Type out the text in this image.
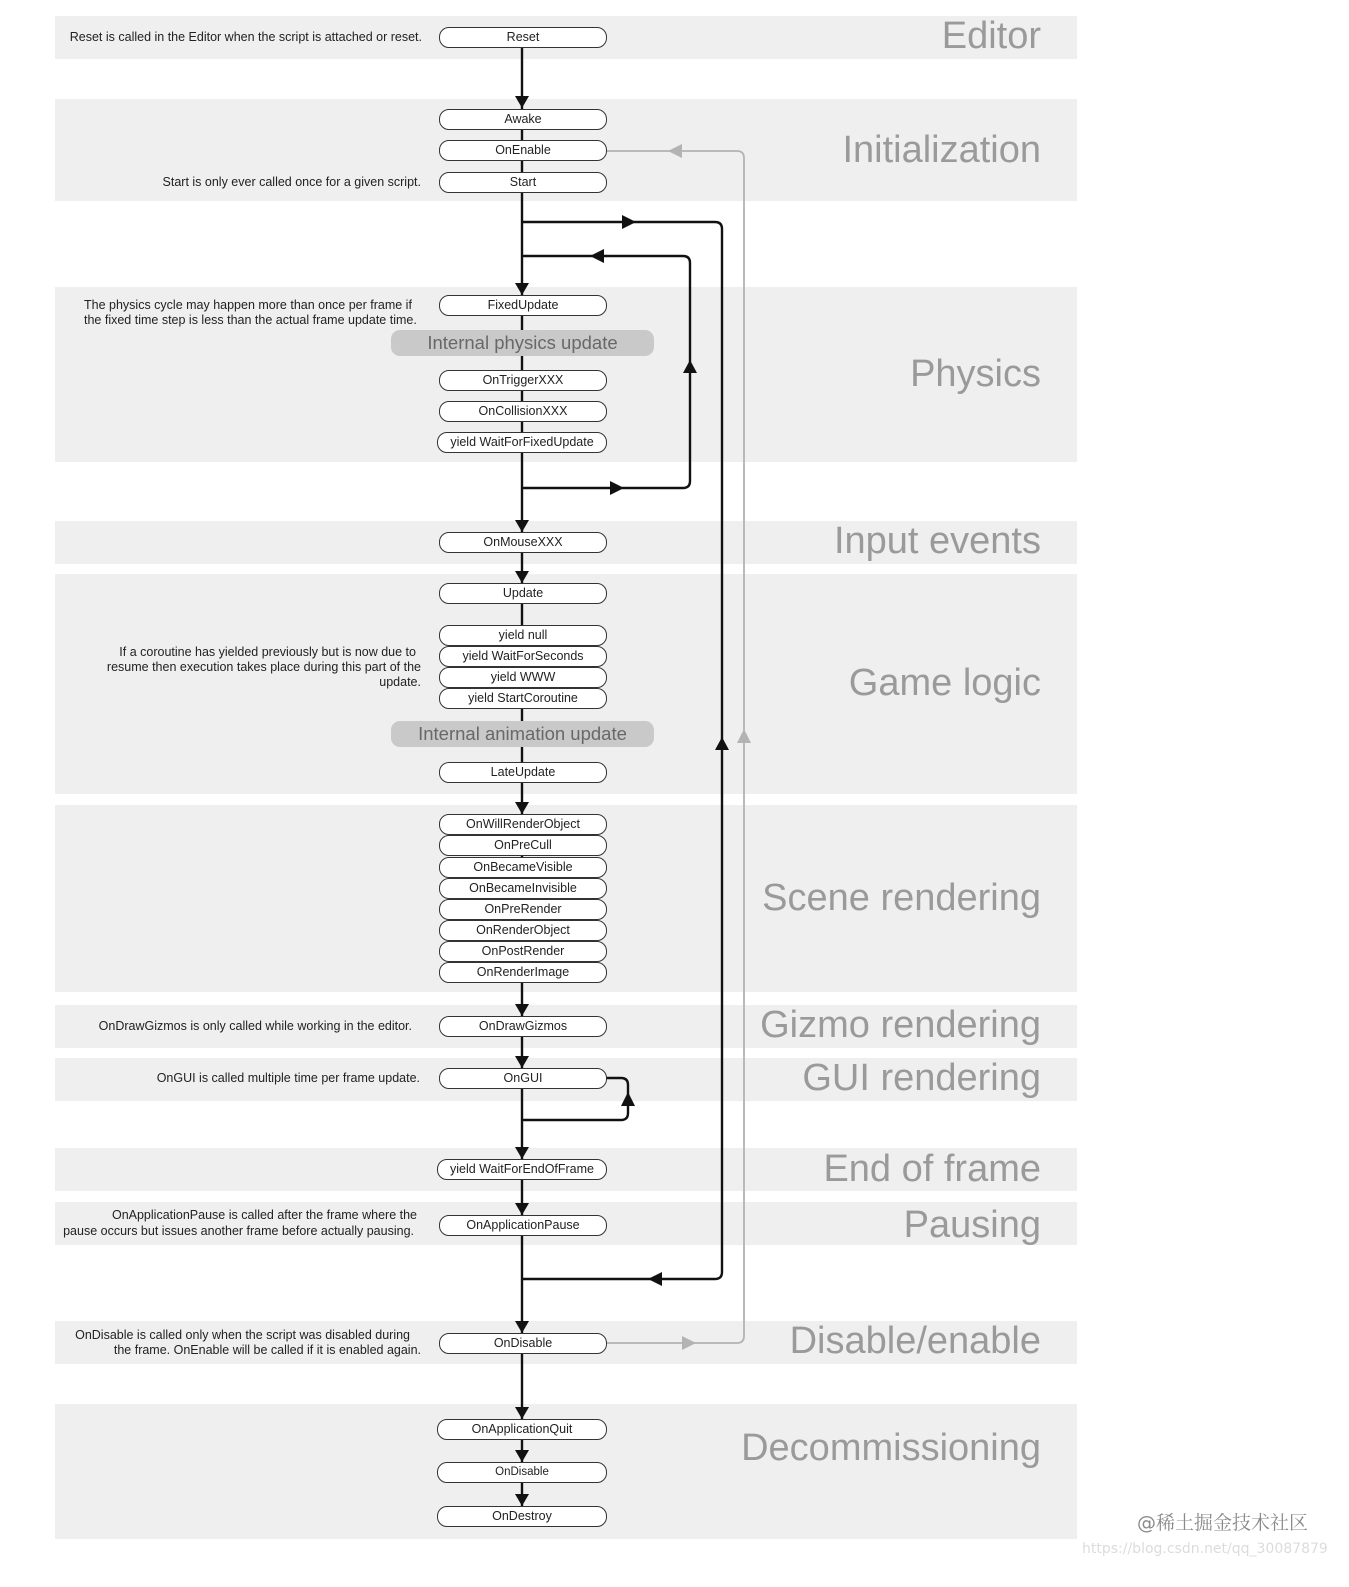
Editor
Initialization
Physics
Input events
Game logic
Scene rendering
Gizmo rendering
GUI rendering
End of frame
Pausing
Disable/enable
Decommissioning
Internal physics update
Internal animation update
Reset
Awake
OnEnable
Start
FixedUpdate
OnTriggerXXX
OnCollisionXXX
yield WaitForFixedUpdate
OnMouseXXX
Update
yield null
yield WaitForSeconds
yield WWW
yield StartCoroutine
LateUpdate
OnWillRenderObject
OnPreCull
OnBecameVisible
OnBecameInvisible
OnPreRender
OnRenderObject
OnPostRender
OnRenderImage
OnDrawGizmos
OnGUI
yield WaitForEndOfFrame
OnApplicationPause
OnDisable
OnApplicationQuit
OnDisable
OnDestroy
Reset is called in the Editor when the script is attached or reset.
Start is only ever called once for a given script.
The physics cycle may happen more than once per frame if
the fixed time step is less than the actual frame update time.
If a coroutine has yielded previously but is now due to
resume then execution takes place during this part of the
update.
OnDrawGizmos is only called while working in the editor.
OnGUI is called multiple time per frame update.
OnApplicationPause is called after the frame where the
pause occurs but issues another frame before actually pausing.
OnDisable is called only when the script was disabled during
the frame. OnEnable will be called if it is enabled again.
@稀土掘金技术社区
https://blog.csdn.net/qq_30087879
